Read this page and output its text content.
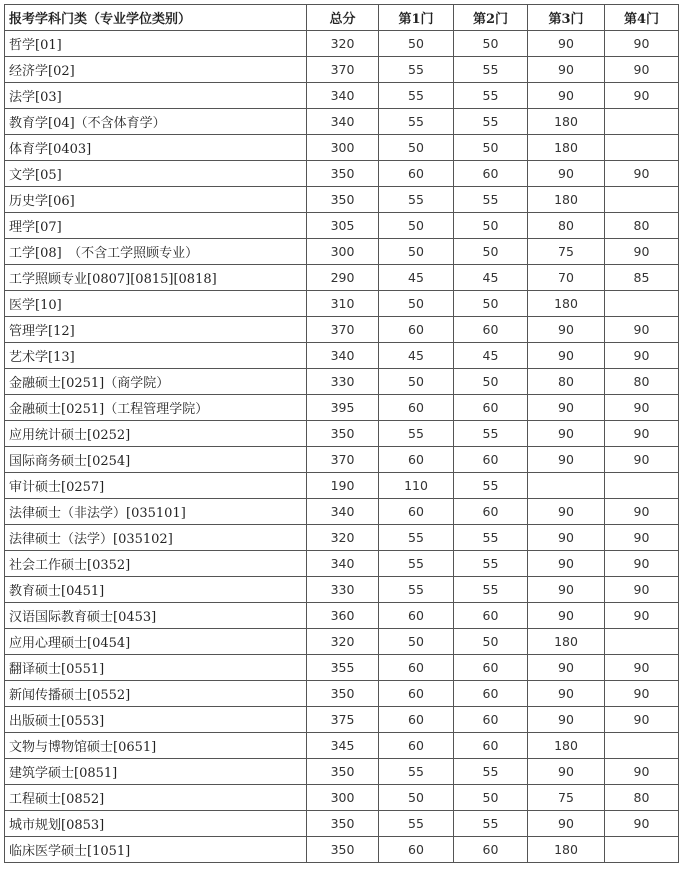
报考学科门类（专业学位类别）	总分	第1门	第2门	第3门	第4门
哲学[01]	320	50	50	90	90
经济学[02]	370	55	55	90	90
法学[03]	340	55	55	90	90
教育学[04]（不含体育学）	340	55	55	180	
体育学[0403]	300	50	50	180	
文学[05]	350	60	60	90	90
历史学[06]	350	55	55	180	
理学[07]	305	50	50	80	80
工学[08]　（不含工学照顾专业）	300	50	50	75	90
工学照顾专业[0807][0815][0818]	290	45	45	70	85
医学[10]	310	50	50	180	
管理学[12]	370	60	60	90	90
艺术学[13]	340	45	45	90	90
金融硕士[0251]（商学院）	330	50	50	80	80
金融硕士[0251]（工程管理学院）	395	60	60	90	90
应用统计硕士[0252]	350	55	55	90	90
国际商务硕士[0254]	370	60	60	90	90
审计硕士[0257]	190	110	55		
法律硕士（非法学）[035101]	340	60	60	90	90
法律硕士（法学）[035102]	320	55	55	90	90
社会工作硕士[0352]	340	55	55	90	90
教育硕士[0451]	330	55	55	90	90
汉语国际教育硕士[0453]	360	60	60	90	90
应用心理硕士[0454]	320	50	50	180	
翻译硕士[0551]	355	60	60	90	90
新闻传播硕士[0552]	350	60	60	90	90
出版硕士[0553]	375	60	60	90	90
文物与博物馆硕士[0651]	345	60	60	180	
建筑学硕士[0851]	350	55	55	90	90
工程硕士[0852]	300	50	50	75	80
城市规划[0853]	350	55	55	90	90
临床医学硕士[1051]	350	60	60	180	
